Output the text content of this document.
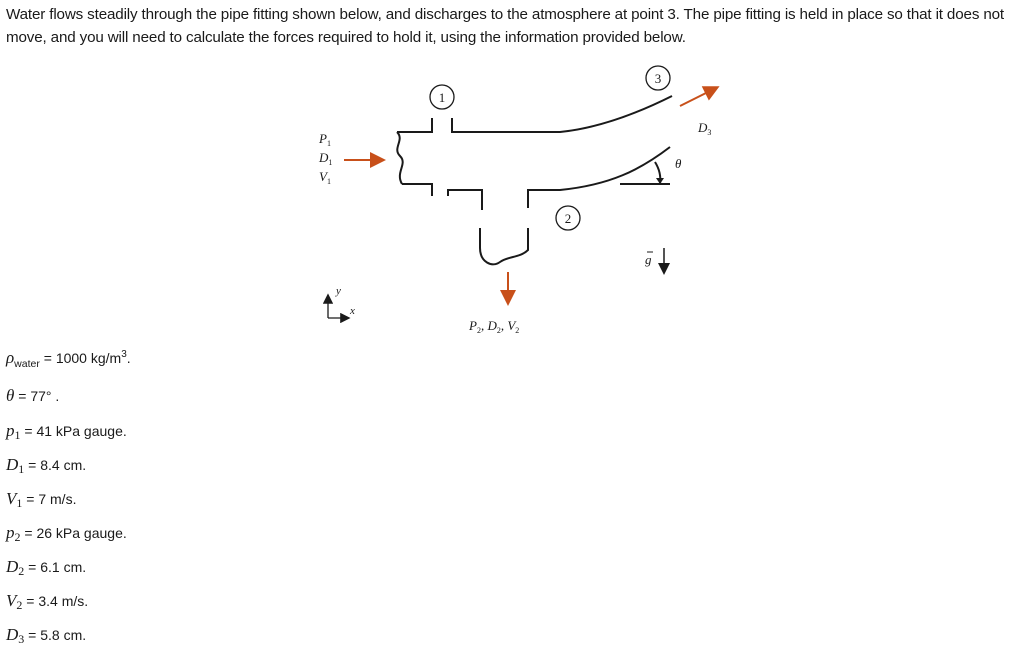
Water flows steadily through the pipe fitting shown below, and discharges to the atmosphere at point 3. The pipe fitting is held in place so that it does not move, and you will need to calculate the forces required to hold it, using the information provided below.
1
2
3
$P_1$
$D_1$
$V_1$
$P_2$, $D_2$, $V_2$
$D_3$
θ
g
y
x
$\rho_{water} = 1000$ $kg/m^3$.
θ = 77° .
p1 = 41 kPa gauge.
D1 = 8.4 cm.
V1 = 7 m/s.
p2 = 26 kPa gauge.
D2 = 6.1 cm.
V2 = 3.4 m/s.
D3 = 5.8 cm.
